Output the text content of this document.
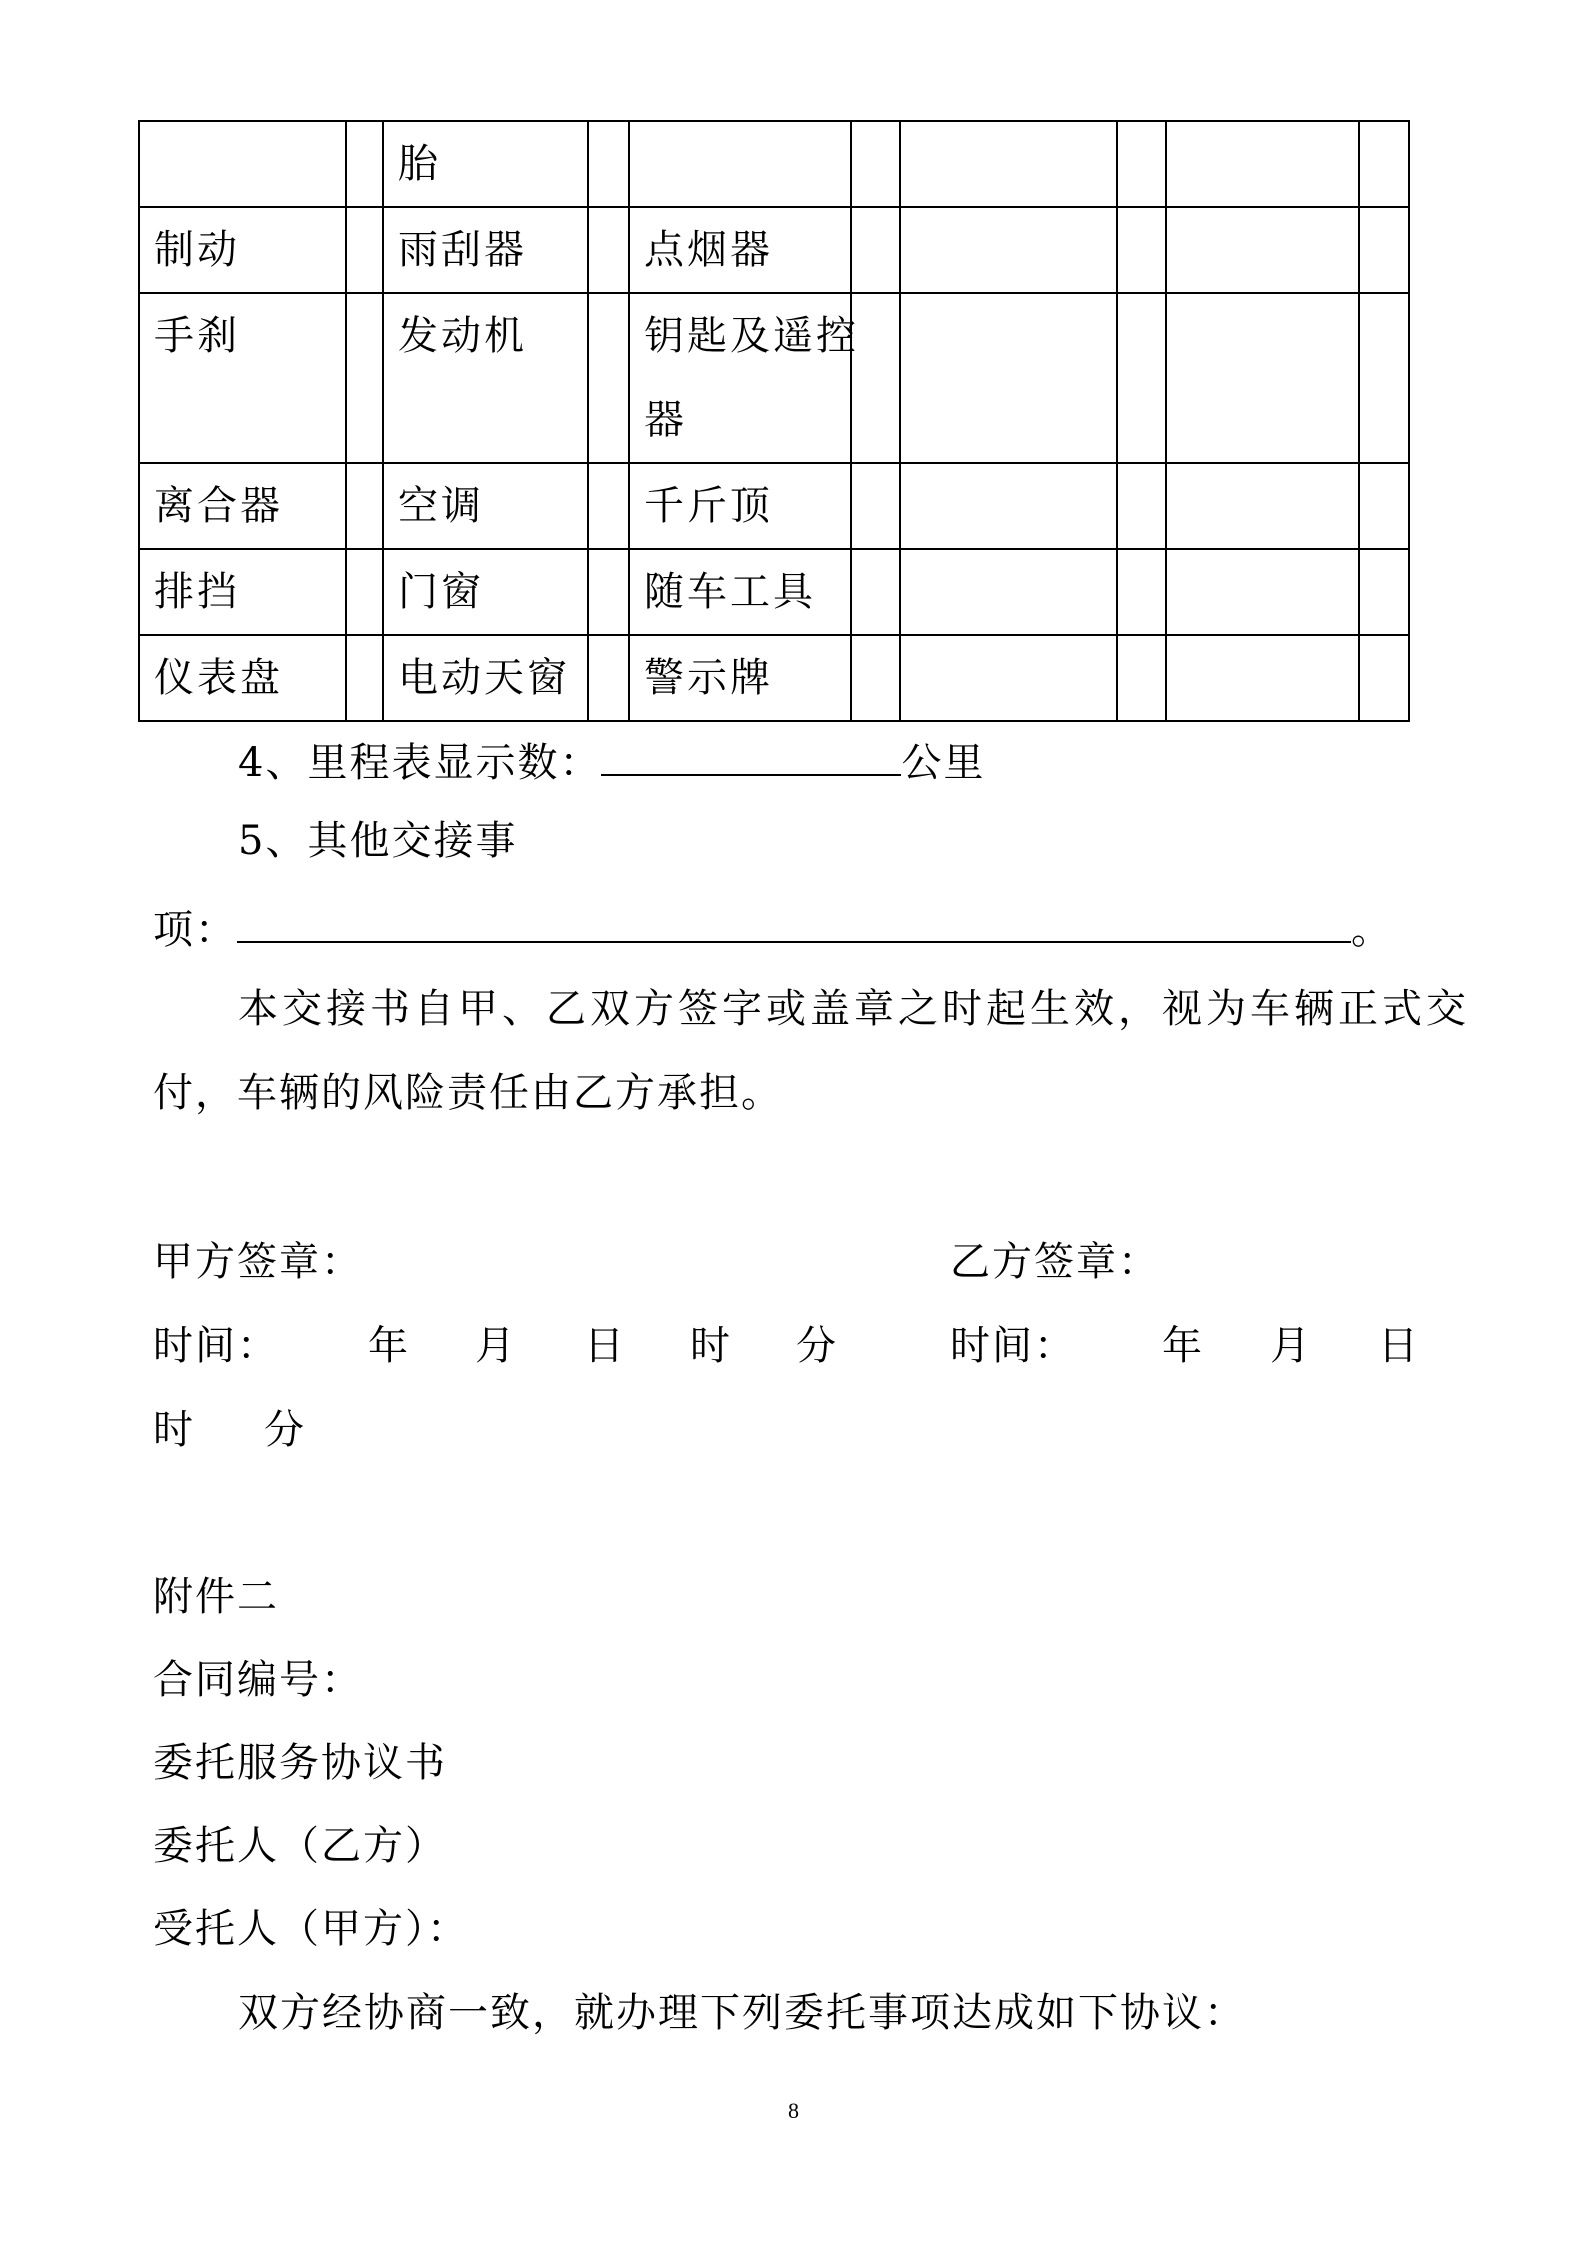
		胎							

制动		雨刮器		点烟器					

手刹		发动机		钥匙及遥控器					

离合器		空调		千斤顶					

排挡		门窗		随车工具					

仪表盘		电动天窗		警示牌					

4、里程表显示数：	公里
5、其他交接事
项：	。
本交接书自甲、乙双方签字或盖章之时起生效，视为车辆正式交
付，车辆的风险责任由乙方承担。
甲方签章：	乙方签章：
时间： 年 月 日 时 分	时间： 年 月 日
时 分
附件二
合同编号：
委托服务协议书
委托人（乙方）
受托人（甲方）：
双方经协商一致，就办理下列委托事项达成如下协议：
8
